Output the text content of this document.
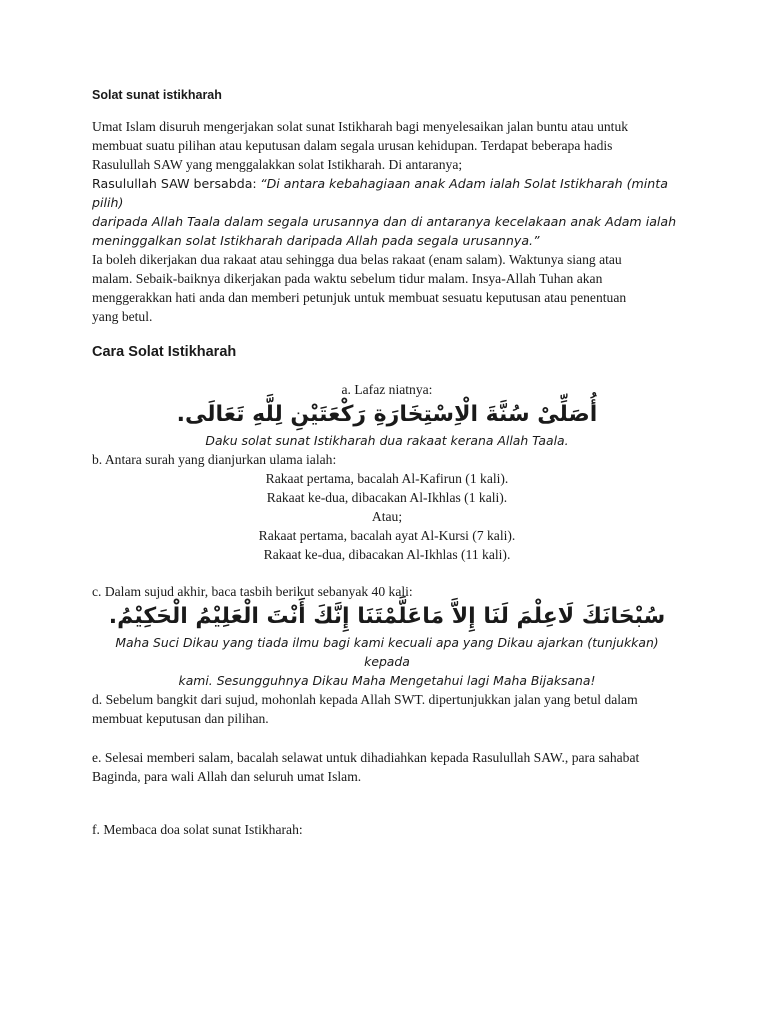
Solat sunat istikharah

Umat Islam disuruh mengerjakan solat sunat Istikharah bagi menyelesaikan jalan buntu atau untuk

membuat suatu pilihan atau keputusan dalam segala urusan kehidupan. Terdapat beberapa hadis

Rasulullah SAW yang menggalakkan solat Istikharah. Di antaranya;

Rasulullah SAW bersabda: “Di antara kebahagiaan anak Adam ialah Solat Istikharah (minta pilih)

daripada Allah Taala dalam segala urusannya dan di antaranya kecelakaan anak Adam ialah

meninggalkan solat Istikharah daripada Allah pada segala urusannya.”

Ia boleh dikerjakan dua rakaat atau sehingga dua belas rakaat (enam salam). Waktunya siang atau

malam. Sebaik-baiknya dikerjakan pada waktu sebelum tidur malam. Insya-Allah Tuhan akan

menggerakkan hati anda dan memberi petunjuk untuk membuat sesuatu keputusan atau penentuan

yang betul.

Cara Solat Istikharah

a. Lafaz niatnya:

أُصَلِّىْ سُنَّةَ الْاِسْتِخَارَةِ رَكْعَتَيْنِ لِلَّهِ تَعَالَى.

Daku solat sunat Istikharah dua rakaat kerana Allah Taala.

b. Antara surah yang dianjurkan ulama ialah:

Rakaat pertama, bacalah Al-Kafirun (1 kali).

Rakaat ke-dua, dibacakan Al-Ikhlas (1 kali).

Atau;

Rakaat pertama, bacalah ayat Al-Kursi (7 kali).

Rakaat ke-dua, dibacakan Al-Ikhlas (11 kali).

c. Dalam sujud akhir, baca tasbih berikut sebanyak 40 kali:

سُبْحَانَكَ لَاعِلْمَ لَنَا إِلاَّ مَاعَلَّمْتَنَا إِنَّكَ أَنْتَ الْعَلِيْمُ الْحَكِيْمُ.

Maha Suci Dikau yang tiada ilmu bagi kami kecuali apa yang Dikau ajarkan (tunjukkan) kepada

kami. Sesungguhnya Dikau Maha Mengetahui lagi Maha Bijaksana!

d. Sebelum bangkit dari sujud, mohonlah kepada Allah SWT. dipertunjukkan jalan yang betul dalam

membuat keputusan dan pilihan.

e. Selesai memberi salam, bacalah selawat untuk dihadiahkan kepada Rasulullah SAW., para sahabat

Baginda, para wali Allah dan seluruh umat Islam.

f. Membaca doa solat sunat Istikharah:
